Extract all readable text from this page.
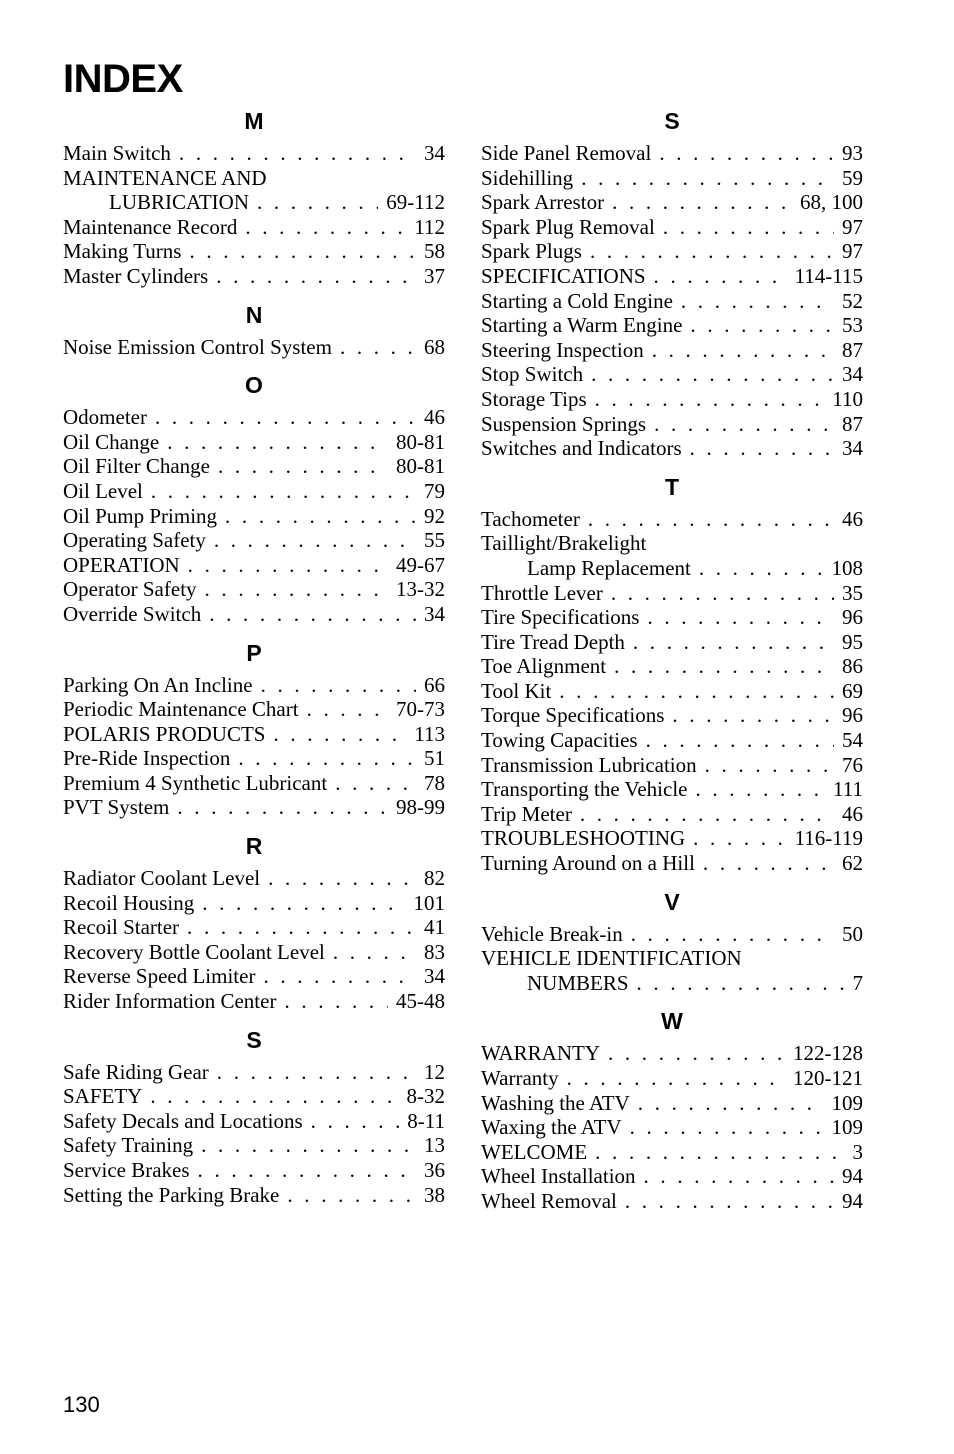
INDEX
M
Main Switch . . .	34
MAINTENANCE AND
LUBRICATION . . .	69-112
Maintenance Record . . .	112
Making Turns . . .	58
Master Cylinders . . .	37
N
Noise Emission Control System . . .	68
O
Odometer . . .	46
Oil Change . . .	80-81
Oil Filter Change . . .	80-81
Oil Level . . .	79
Oil Pump Priming . . .	92
Operating Safety . . .	55
OPERATION . . .	49-67
Operator Safety . . .	13-32
Override Switch . . .	34
P
Parking On An Incline . . .	66
Periodic Maintenance Chart . . .	70-73
POLARIS PRODUCTS . . .	113
Pre-Ride Inspection . . .	51
Premium 4 Synthetic Lubricant . . .	78
PVT System . . .	98-99
R
Radiator Coolant Level . . .	82
Recoil Housing . . .	101
Recoil Starter . . .	41
Recovery Bottle Coolant Level . . .	83
Reverse Speed Limiter . . .	34
Rider Information Center . . .	45-48
S
Safe Riding Gear . . .	12
SAFETY . . .	8-32
Safety Decals and Locations . . .	8-11
Safety Training . . .	13
Service Brakes . . .	36
Setting the Parking Brake . . .	38
S
Side Panel Removal . . .	93
Sidehilling . . .	59
Spark Arrestor . . .	68, 100
Spark Plug Removal . . .	97
Spark Plugs . . .	97
SPECIFICATIONS . . .	114-115
Starting a Cold Engine . . .	52
Starting a Warm Engine . . .	53
Steering Inspection . . .	87
Stop Switch . . .	34
Storage Tips . . .	110
Suspension Springs . . .	87
Switches and Indicators . . .	34
T
Tachometer . . .	46
Taillight/Brakelight
Lamp Replacement . . .	108
Throttle Lever . . .	35
Tire Specifications . . .	96
Tire Tread Depth . . .	95
Toe Alignment . . .	86
Tool Kit . . .	69
Torque Specifications . . .	96
Towing Capacities . . .	54
Transmission Lubrication . . .	76
Transporting the Vehicle . . .	111
Trip Meter . . .	46
TROUBLESHOOTING . . .	116-119
Turning Around on a Hill . . .	62
V
Vehicle Break-in . . .	50
VEHICLE IDENTIFICATION
NUMBERS . . .	7
W
WARRANTY . . .	122-128
Warranty . . .	120-121
Washing the ATV . . .	109
Waxing the ATV . . .	109
WELCOME . . .	3
Wheel Installation . . .	94
Wheel Removal . . .	94
130
